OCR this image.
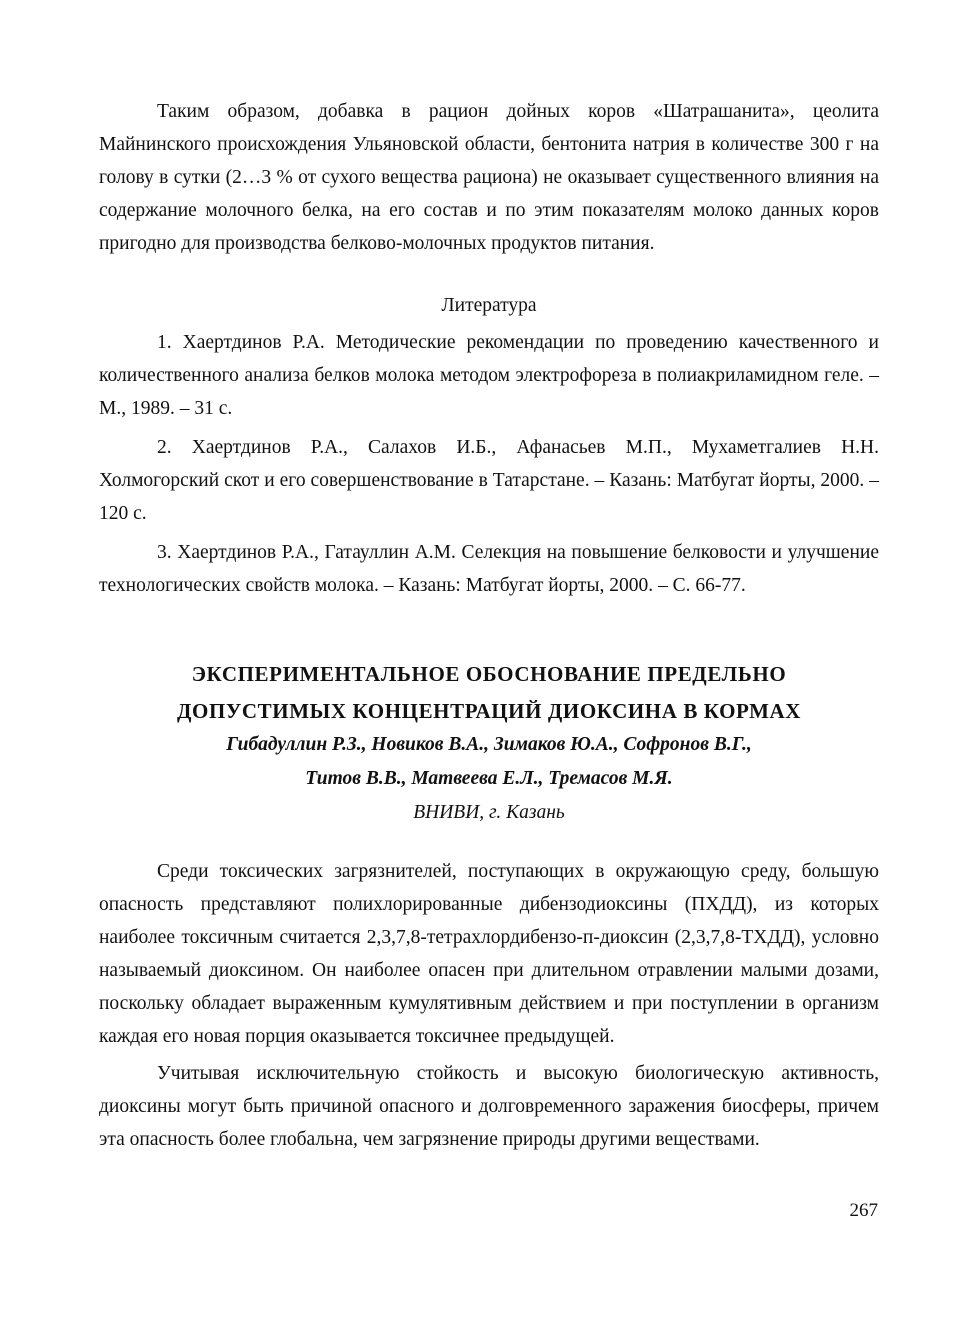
Таким образом, добавка в рацион дойных коров «Шатрашанита», цеолита Майнинского происхождения Ульяновской области, бентонита натрия в количестве 300 г на голову в сутки (2…3 % от сухого вещества рациона) не оказывает существенного влияния на содержание молочного белка, на его состав и по этим показателям молоко данных коров пригодно для производства белково-молочных продуктов питания.

Литература

1. Хаертдинов Р.А. Методические рекомендации по проведению качественного и количественного анализа белков молока методом электрофореза в полиакриламидном геле. – М., 1989. – 31 с.

2. Хаертдинов Р.А., Салахов И.Б., Афанасьев М.П., Мухаметгалиев Н.Н. Холмогорский скот и его совершенствование в Татарстане. – Казань: Матбугат йорты, 2000. – 120 с.

3. Хаертдинов Р.А., Гатауллин А.М. Селекция на повышение белковости и улучшение технологических свойств молока. – Казань: Матбугат йорты, 2000. – С. 66-77.

ЭКСПЕРИМЕНТАЛЬНОЕ ОБОСНОВАНИЕ ПРЕДЕЛЬНО
ДОПУСТИМЫХ КОНЦЕНТРАЦИЙ ДИОКСИНА В КОРМАХ
Гибадуллин Р.З., Новиков В.А., Зимаков Ю.А., Софронов В.Г.,
Титов В.В., Матвеева Е.Л., Тремасов М.Я.
ВНИВИ, г. Казань

Среди токсических загрязнителей, поступающих в окружающую среду, большую опасность представляют полихлорированные дибензодиоксины (ПХДД), из которых наиболее токсичным считается 2,3,7,8-тетрахлордибензо-п-диоксин (2,3,7,8-ТХДД), условно называемый диоксином. Он наиболее опасен при длительном отравлении малыми дозами, поскольку обладает выраженным кумулятивным действием и при поступлении в организм каждая его новая порция оказывается токсичнее предыдущей.

Учитывая исключительную стойкость и высокую биологическую активность, диоксины могут быть причиной опасного и долговременного заражения биосферы, причем эта опасность более глобальна, чем загрязнение природы другими веществами.

267
